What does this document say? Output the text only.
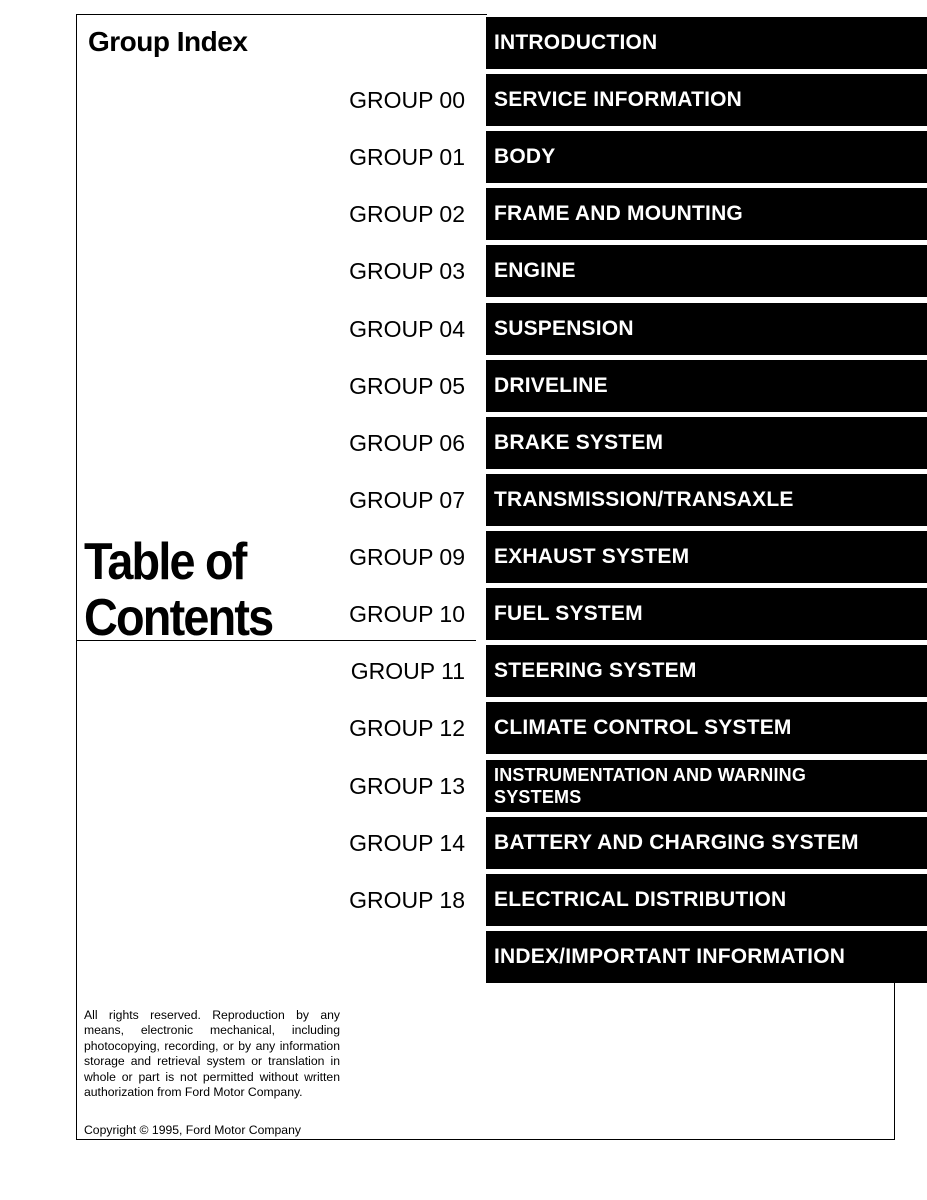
Group Index
Table of
Contents
INTRODUCTION
GROUP 00 SERVICE INFORMATION
GROUP 01 BODY
GROUP 02 FRAME AND MOUNTING
GROUP 03 ENGINE
GROUP 04 SUSPENSION
GROUP 05 DRIVELINE
GROUP 06 BRAKE SYSTEM
GROUP 07 TRANSMISSION/TRANSAXLE
GROUP 09 EXHAUST SYSTEM
GROUP 10 FUEL SYSTEM
GROUP 11 STEERING SYSTEM
GROUP 12 CLIMATE CONTROL SYSTEM
GROUP 13 INSTRUMENTATION AND WARNING
SYSTEMS
GROUP 14 BATTERY AND CHARGING SYSTEM
GROUP 18 ELECTRICAL DISTRIBUTION
INDEX/IMPORTANT INFORMATION
All rights reserved. Reproduction by any means, electronic mechanical, including photocopying, recording, or by any information storage and retrieval system or translation in whole or part is not permitted without written authorization from Ford Motor Company.
Copyright © 1995, Ford Motor Company
